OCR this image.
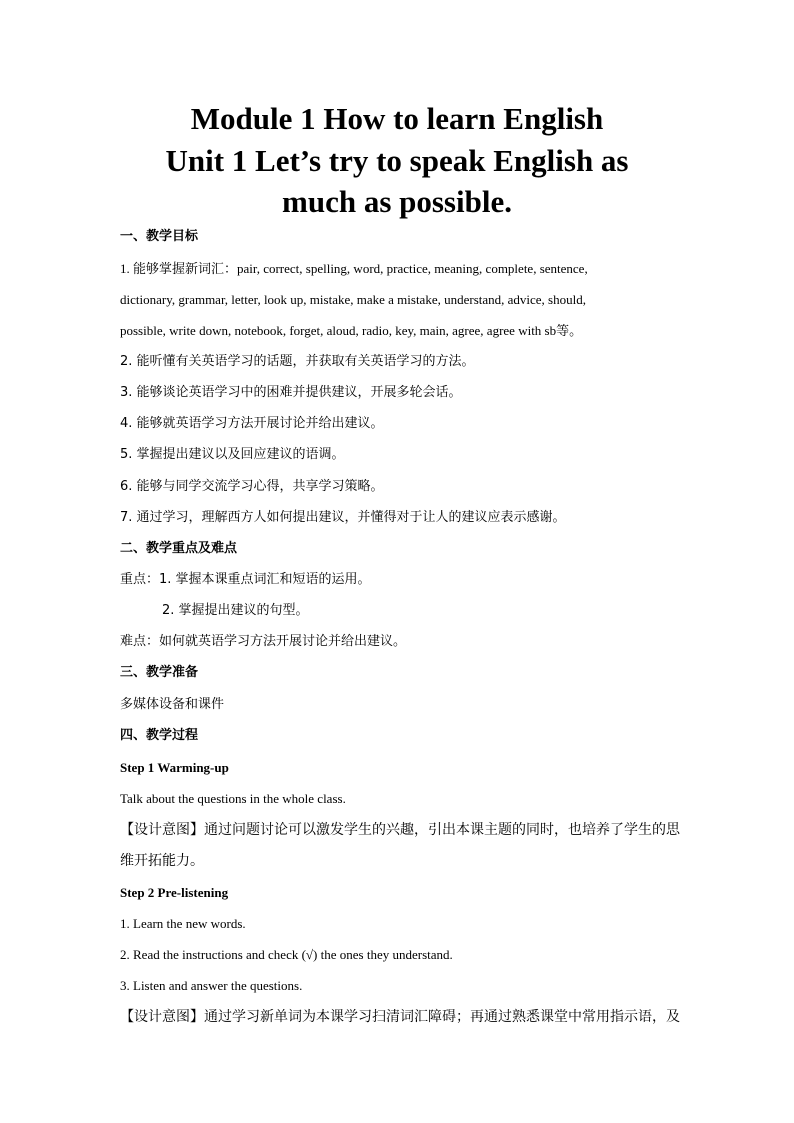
Module 1 How to learn English
Unit 1 Let’s try to speak English as
much as possible.
一、教学目标
1. 能够掌握新词汇：pair, correct, spelling, word, practice, meaning, complete, sentence,
dictionary, grammar, letter, look up, mistake, make a mistake, understand, advice, should,
possible, write down, notebook, forget, aloud, radio, key, main, agree, agree with sb等。
2. 能听懂有关英语学习的话题，并获取有关英语学习的方法。
3. 能够谈论英语学习中的困难并提供建议，开展多轮会话。
4. 能够就英语学习方法开展讨论并给出建议。
5. 掌握提出建议以及回应建议的语调。
6. 能够与同学交流学习心得，共享学习策略。
7. 通过学习，理解西方人如何提出建议，并懂得对于让人的建议应表示感谢。
二、教学重点及难点
重点：1. 掌握本课重点词汇和短语的运用。
2. 掌握提出建议的句型。
难点：如何就英语学习方法开展讨论并给出建议。
三、教学准备
多媒体设备和课件
四、教学过程
Step 1 Warming-up
Talk about the questions in the whole class.
【设计意图】通过问题讨论可以激发学生的兴趣，引出本课主题的同时，也培养了学生的思
维开拓能力。
Step 2 Pre-listening
1. Learn the new words.
2. Read the instructions and check (√) the ones they understand.
3. Listen and answer the questions.
【设计意图】通过学习新单词为本课学习扫清词汇障碍；再通过熟悉课堂中常用指示语，及
